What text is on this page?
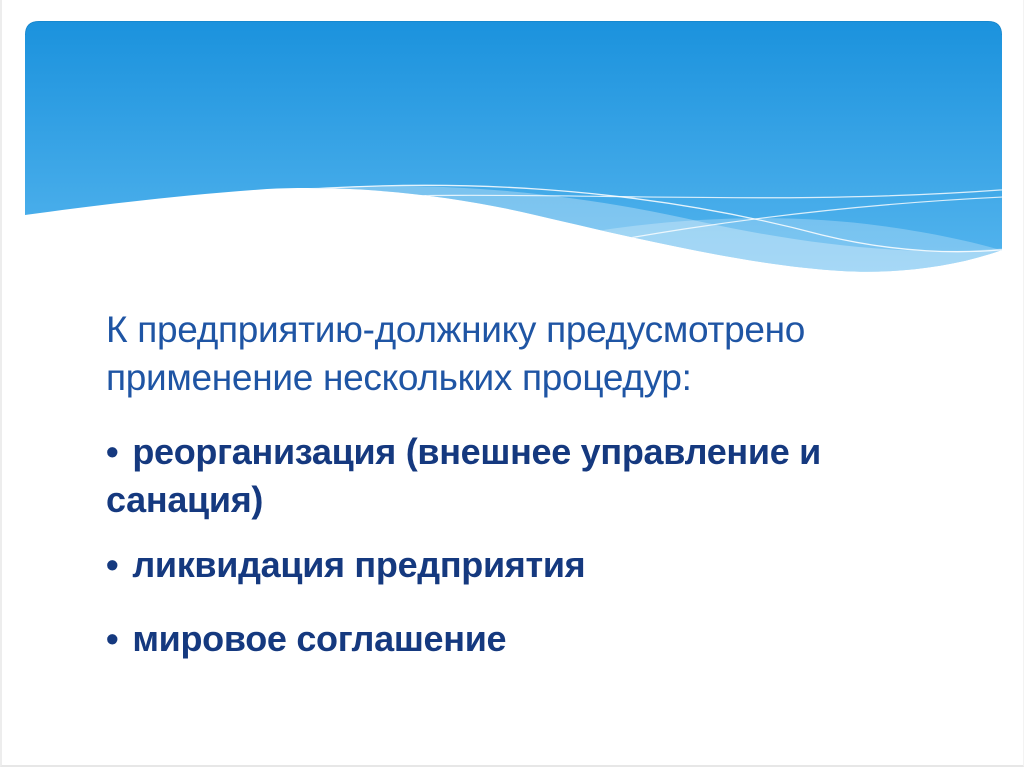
К предприятию-должнику предусмотрено применение нескольких процедур:

• реорганизация (внешнее управление и санация)
• ликвидация предприятия
• мировое соглашение
